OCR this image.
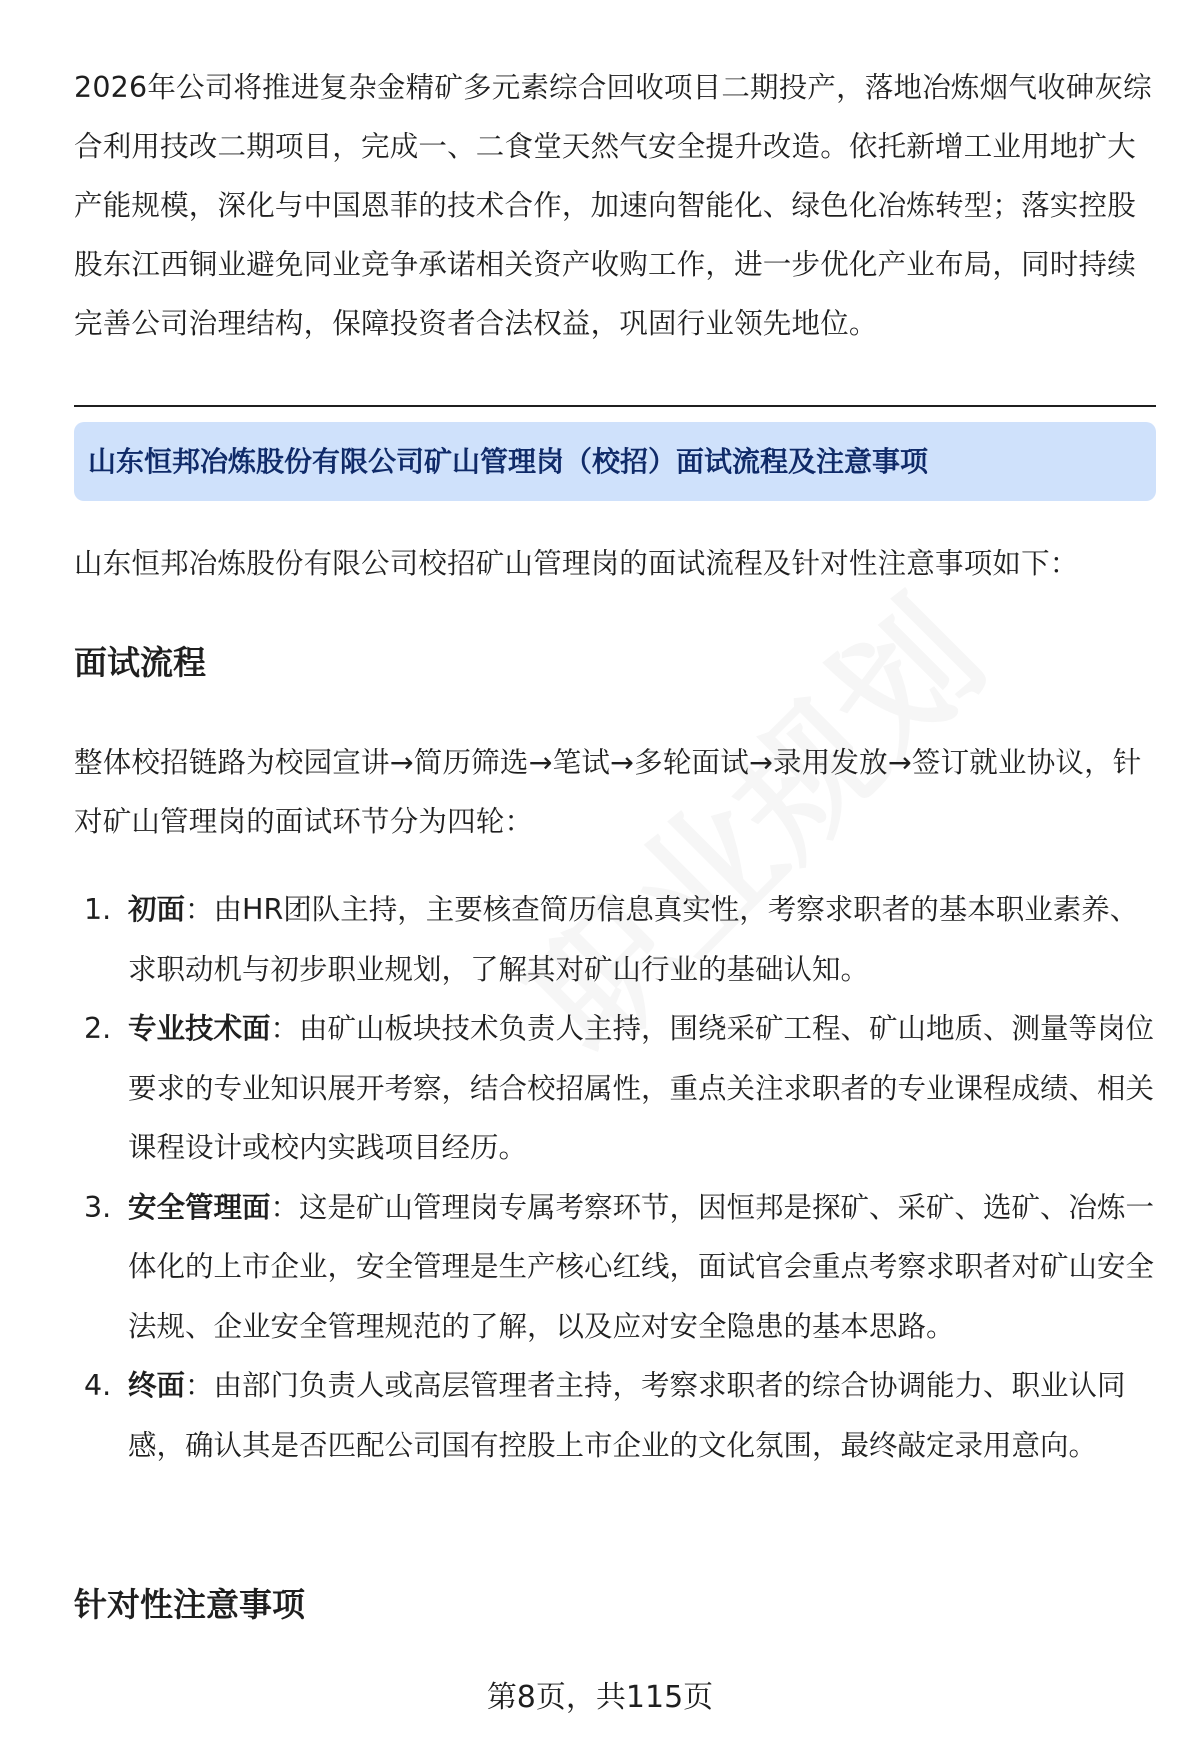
2026年公司将推进复杂金精矿多元素综合回收项目二期投产，落地冶炼烟气收砷灰综合利用技改二期项目，完成一、二食堂天然气安全提升改造。依托新增工业用地扩大产能规模，深化与中国恩菲的技术合作，加速向智能化、绿色化冶炼转型；落实控股股东江西铜业避免同业竞争承诺相关资产收购工作，进一步优化产业布局，同时持续完善公司治理结构，保障投资者合法权益，巩固行业领先地位。

山东恒邦冶炼股份有限公司矿山管理岗（校招）面试流程及注意事项

山东恒邦冶炼股份有限公司校招矿山管理岗的面试流程及针对性注意事项如下：

面试流程

整体校招链路为校园宣讲→简历筛选→笔试→多轮面试→录用发放→签订就业协议，针对矿山管理岗的面试环节分为四轮：

1. 初面：由HR团队主持，主要核查简历信息真实性，考察求职者的基本职业素养、求职动机与初步职业规划，了解其对矿山行业的基础认知。
2. 专业技术面：由矿山板块技术负责人主持，围绕采矿工程、矿山地质、测量等岗位要求的专业知识展开考察，结合校招属性，重点关注求职者的专业课程成绩、相关课程设计或校内实践项目经历。
3. 安全管理面：这是矿山管理岗专属考察环节，因恒邦是探矿、采矿、选矿、冶炼一体化的上市企业，安全管理是生产核心红线，面试官会重点考察求职者对矿山安全法规、企业安全管理规范的了解，以及应对安全隐患的基本思路。
4. 终面：由部门负责人或高层管理者主持，考察求职者的综合协调能力、职业认同感，确认其是否匹配公司国有控股上市企业的文化氛围，最终敲定录用意向。
针对性注意事项
第8页，共115页
